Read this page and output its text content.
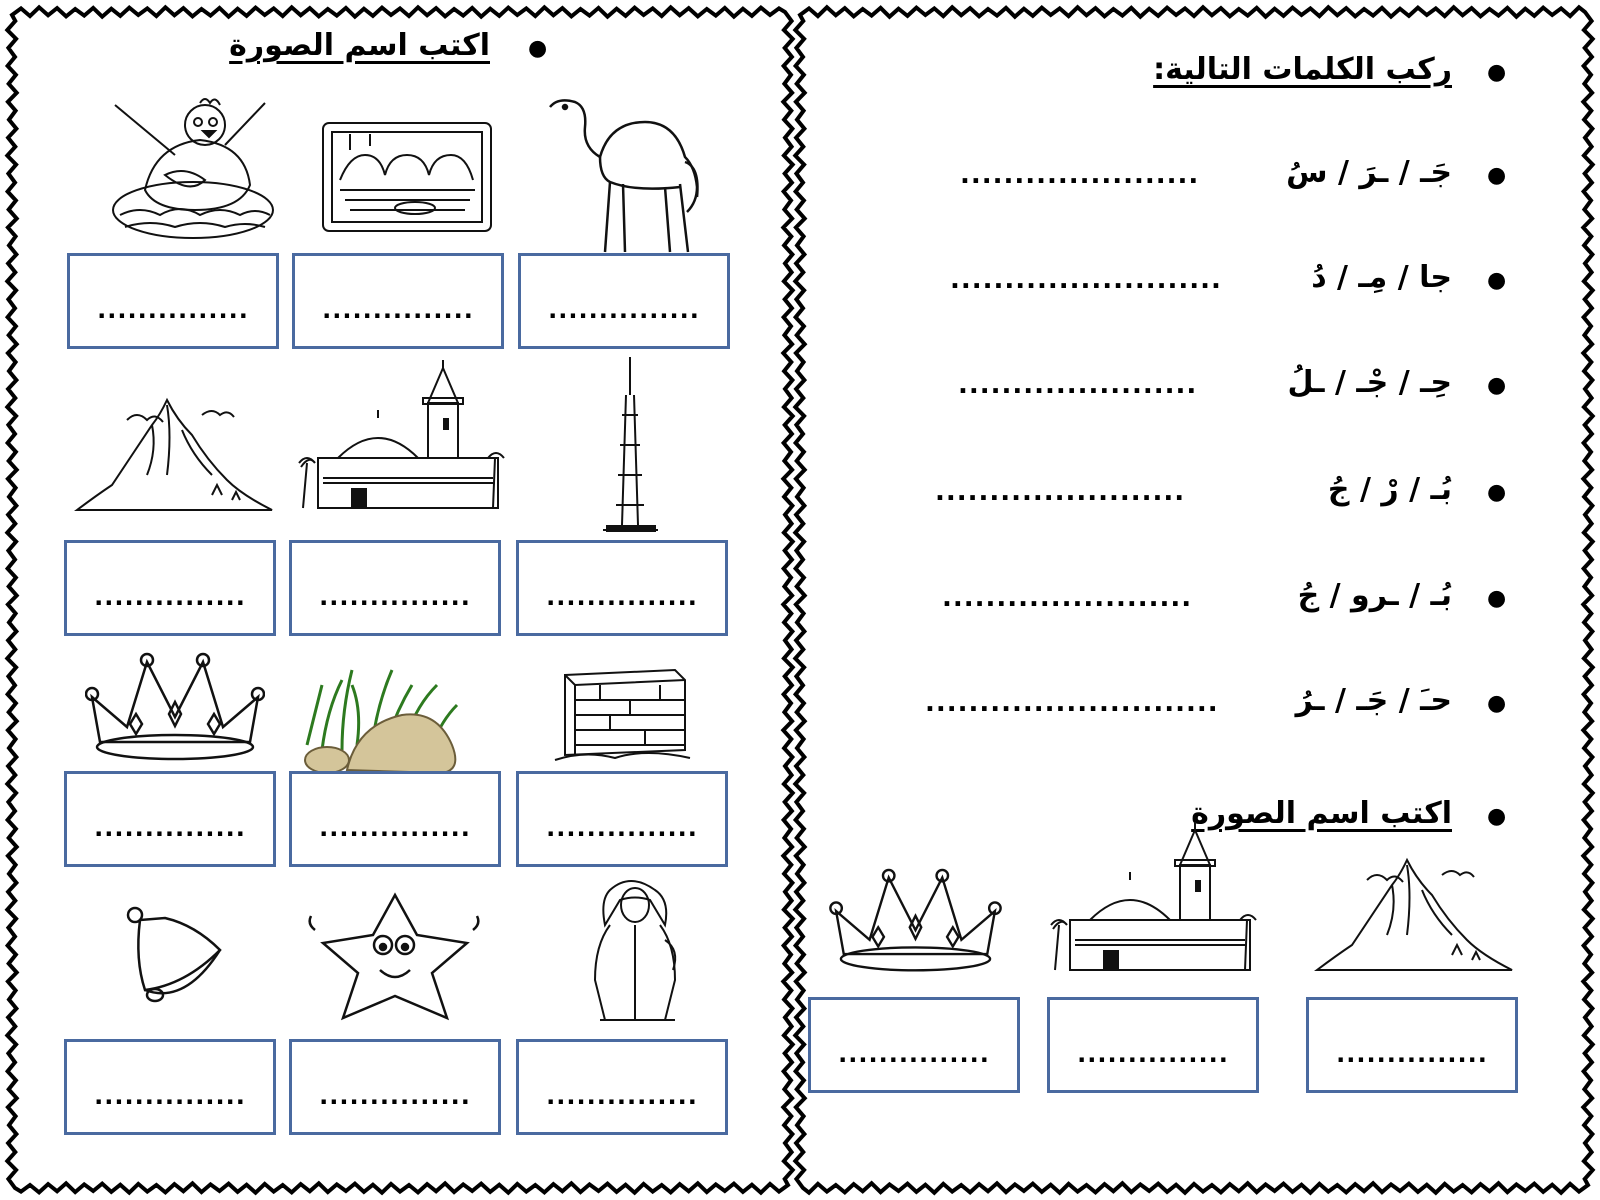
●
اكتب اسم الصورة
...............	...............	...............
...............	...............	...............
...............	...............	...............
...............	...............	...............
●
ركب الكلمات التالية:
●
جَـ / ـرَ / سُ
......................
●
جا / مِـ / دُ
.........................
●
حِـ / جْـ / ـلُ
......................
●
بُـ / رْ / جُ
.......................
●
بُـ / ـرو / جُ
.......................
●
حـَ / جَـ / ـرُ
...........................
●
اكتب اسم الصورة
...............	...............	...............
